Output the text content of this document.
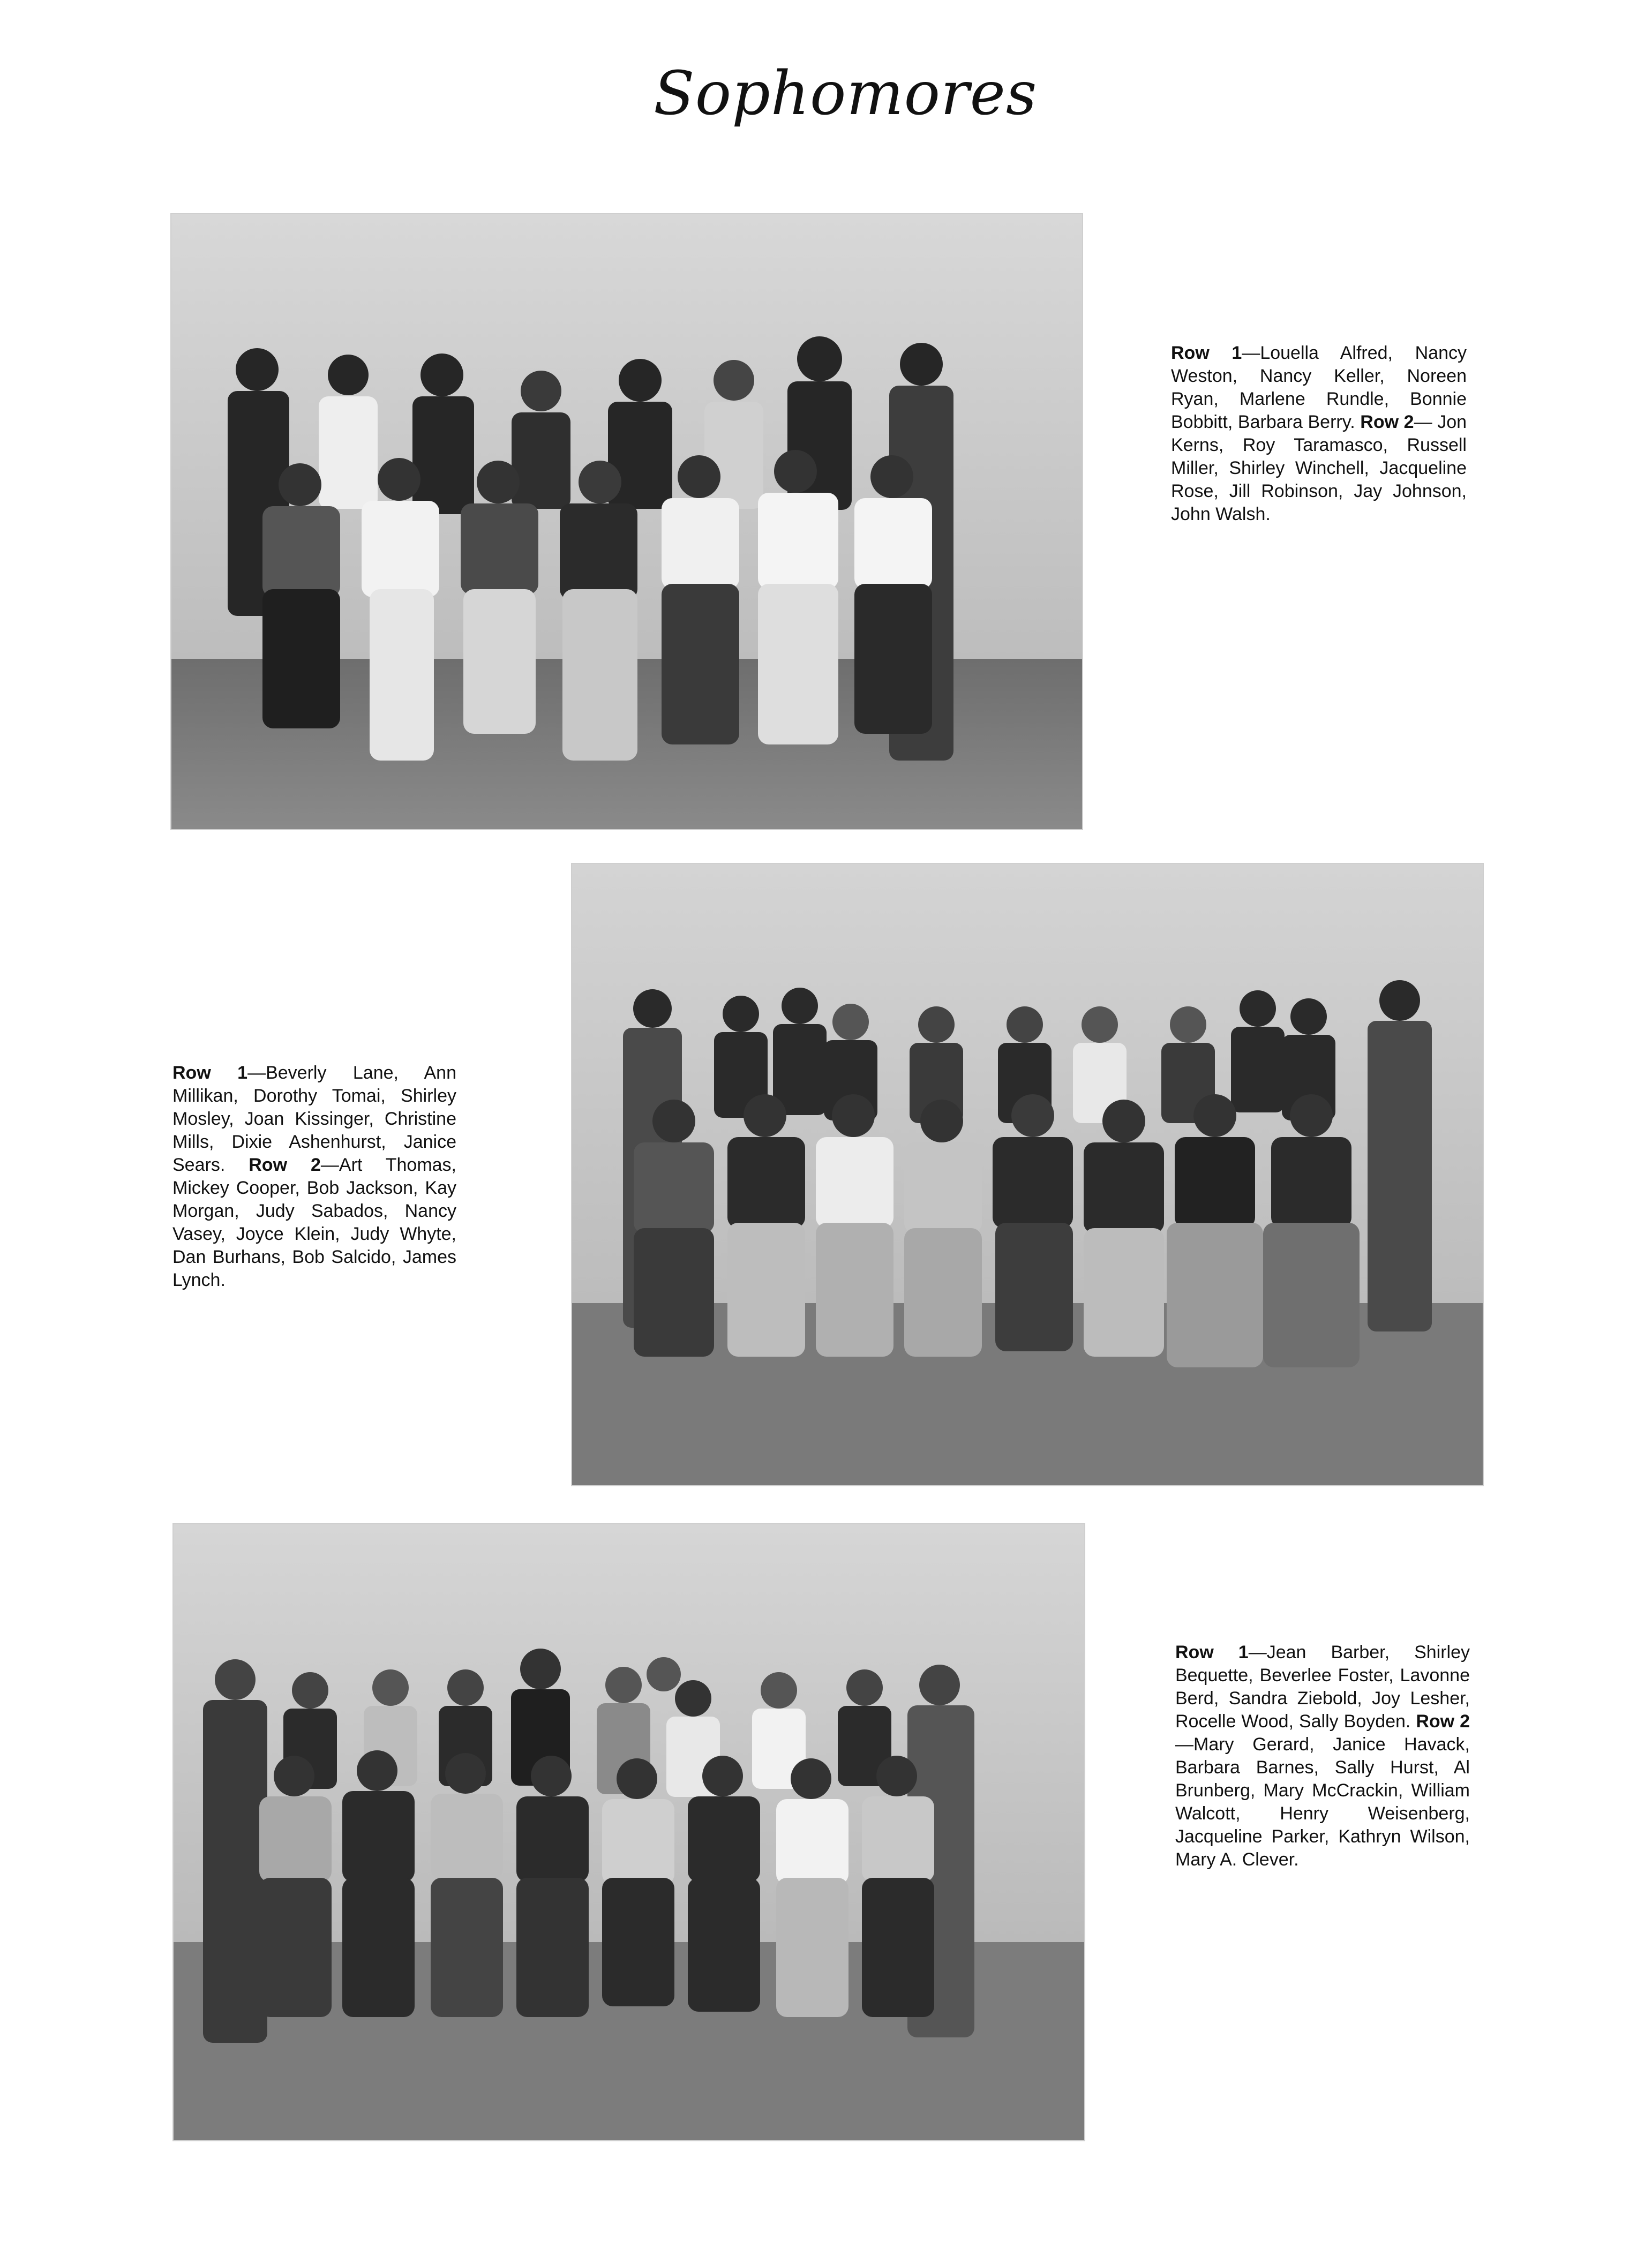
Sophomores
Row 1—Louella Alfred, Nancy Weston, Nancy Keller, Noreen Ryan, Marlene Rundle, Bonnie Bobbitt, Barbara Berry. Row 2— Jon Kerns, Roy Taramasco, Russell Miller, Shirley Winchell, Jacqueline Rose, Jill Robinson, Jay Johnson, John Walsh.
Row 1—Beverly Lane, Ann Millikan, Dorothy Tomai, Shirley Mosley, Joan Kissinger, Christine Mills, Dixie Ashenhurst, Janice Sears. Row 2—Art Thomas, Mickey Cooper, Bob Jackson, Kay Morgan, Judy Sabados, Nancy Vasey, Joyce Klein, Judy Whyte, Dan Burhans, Bob Salcido, James Lynch.
Row 1—Jean Barber, Shirley Bequette, Beverlee Foster, Lavonne Berd, Sandra Ziebold, Joy Lesher, Rocelle Wood, Sally Boyden. Row 2—Mary Gerard, Janice Havack, Barbara Barnes, Sally Hurst, Al Brunberg, Mary McCrackin, William Walcott, Henry Weisenberg, Jacqueline Parker, Kathryn Wilson, Mary A. Clever.
